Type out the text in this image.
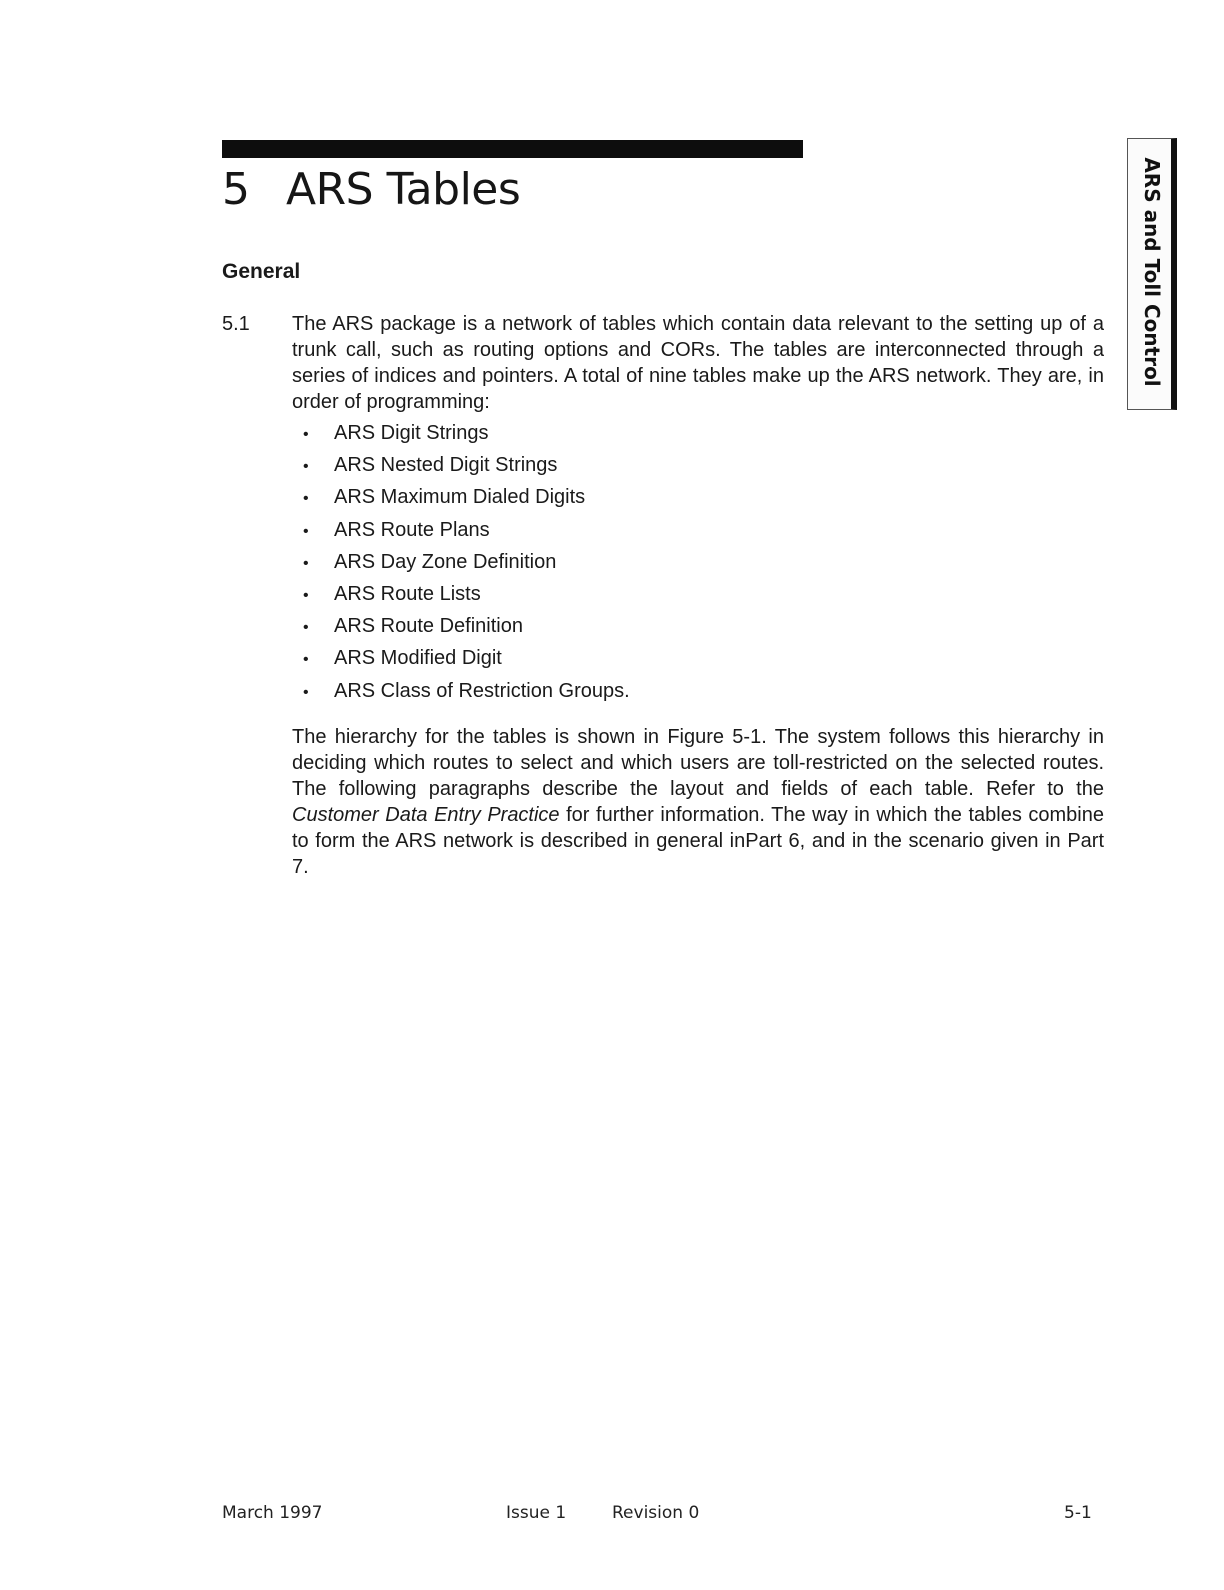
5 ARS Tables	ARS and Toll Control
General
5.1 The ARS package is a network of tables which contain data relevant to the setting up of a trunk call, such as routing options and CORs. The tables are interconnected through a series of indices and pointers. A total of nine tables make up the ARS network. They are, in order of programming:

• ARS Digit Strings
• ARS Nested Digit Strings
• ARS Maximum Dialed Digits
• ARS Route Plans
• ARS Day Zone Definition
• ARS Route Lists
• ARS Route Definition
• ARS Modified Digit
• ARS Class of Restriction Groups.

The hierarchy for the tables is shown in Figure 5-1. The system follows this hierarchy in deciding which routes to select and which users are toll-restricted on the selected routes. The following paragraphs describe the layout and fields of each table. Refer to the Customer Data Entry Practice for further information. The way in which the tables combine to form the ARS network is described in general inPart 6, and in the scenario given in Part 7.

March 1997	Issue 1	Revision 0	5-1
